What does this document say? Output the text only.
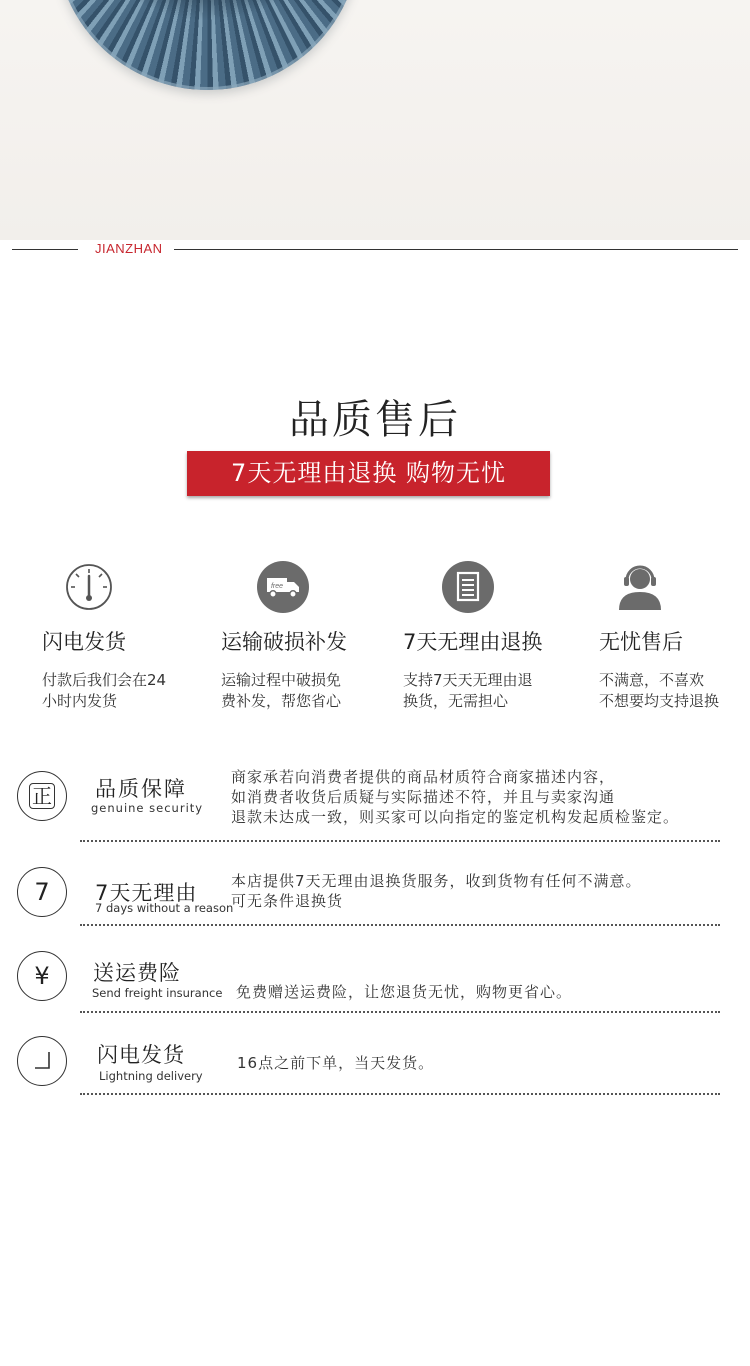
JIANZHAN
品质售后
7天无理由退换 购物无忧
闪电发货
付款后我们会在24
小时内发货
free
运输破损补发
运输过程中破损免
费补发，帮您省心
7天无理由退换
支持7天天无理由退
换货，无需担心
无忧售后
不满意，不喜欢
不想要均支持退换
正 品质保障
genuine security
商家承若向消费者提供的商品材质符合商家描述内容，
如消费者收货后质疑与实际描述不符，并且与卖家沟通
退款未达成一致，则买家可以向指定的鉴定机构发起质检鉴定。
7 7天无理由
7 days without a reason
本店提供7天无理由退换货服务，收到货物有任何不满意。
可无条件退换货
¥ 送运费险
Send freight insurance 免费赠送运费险，让您退货无忧，购物更省心。
闪电发货
Lightning delivery
16点之前下单，当天发货。
